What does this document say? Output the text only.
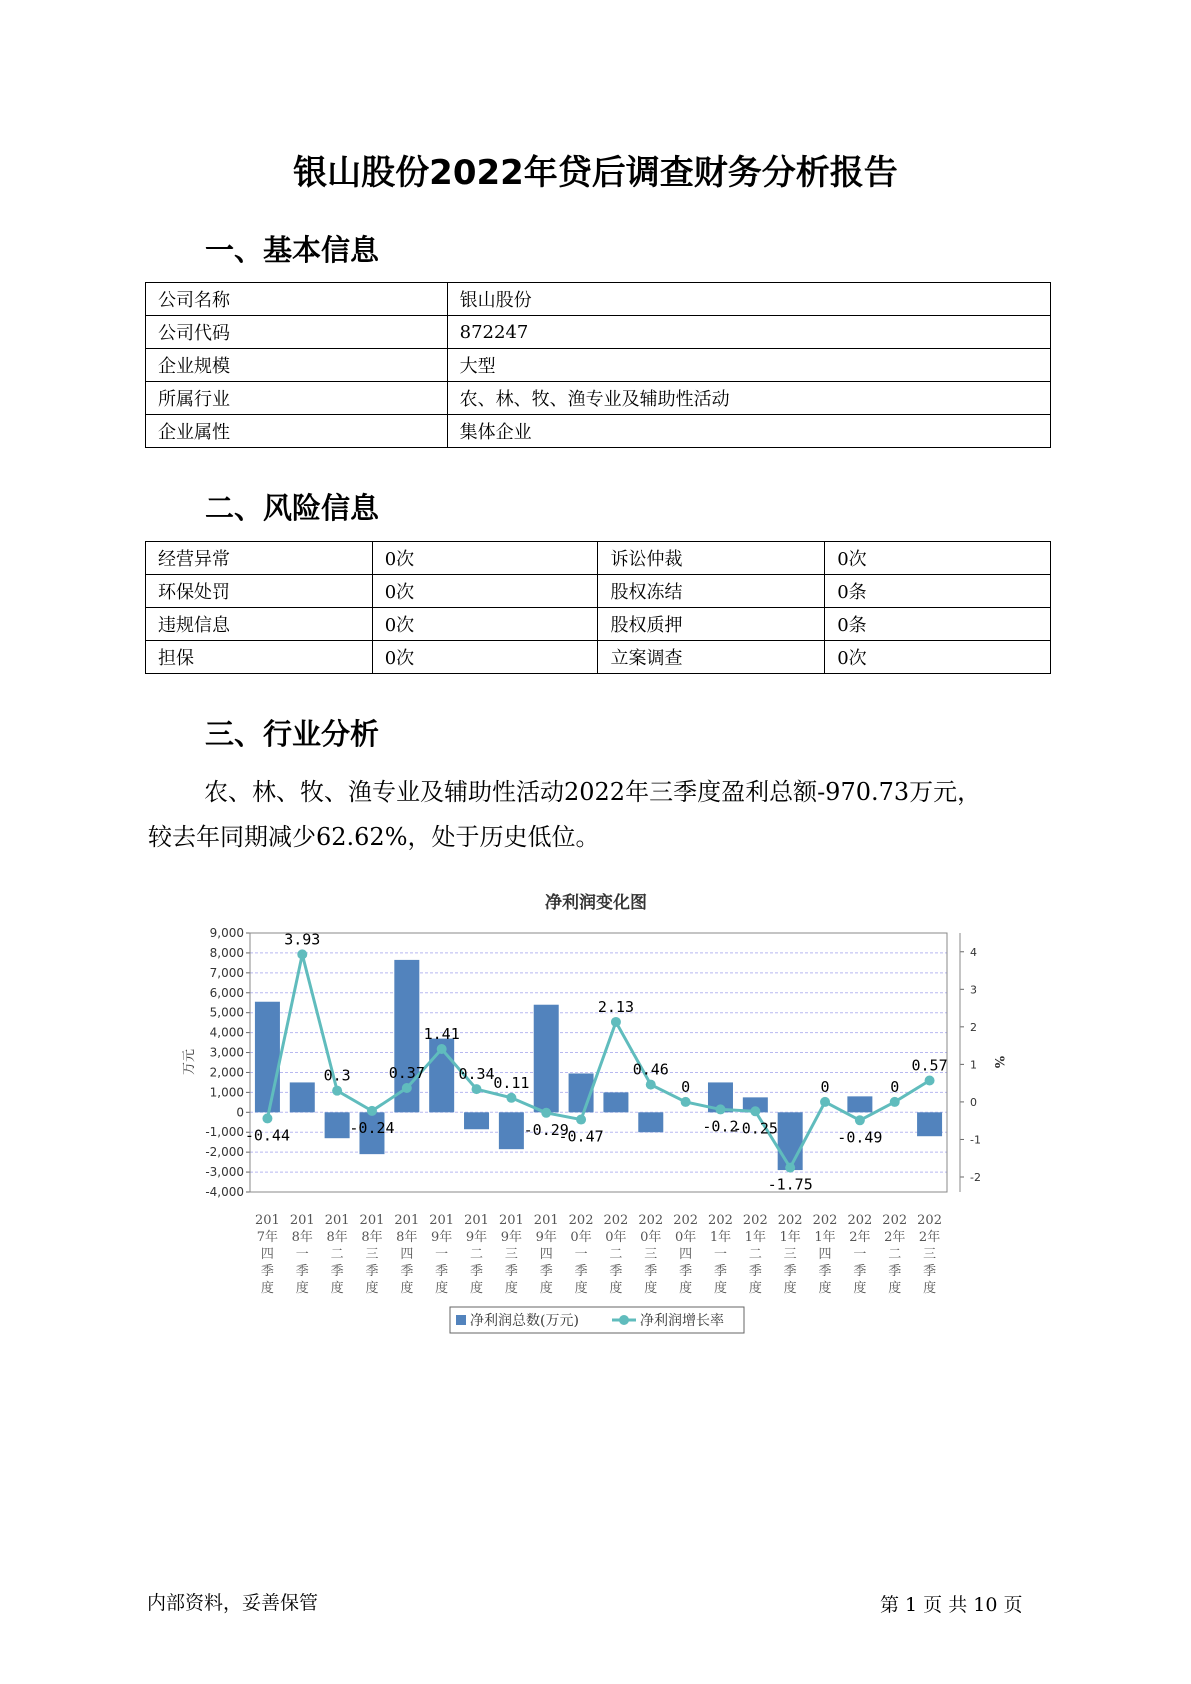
银山股份2022年贷后调查财务分析报告
一、基本信息
公司名称	银山股份
公司代码	872247
企业规模	大型
所属行业	农、林、牧、渔专业及辅助性活动
企业属性	集体企业
二、风险信息
经营异常	0次	诉讼仲裁	0次
环保处罚	0次	股权冻结	0条
违规信息	0次	股权质押	0条
担保	0次	立案调查	0次
三、行业分析
农、林、牧、渔专业及辅助性活动2022年三季度盈利总额-970.73万元，
较去年同期减少62.62%，处于历史低位。
净利润变化图
9,000
8,000
7,000
6,000
5,000
4,000
3,000
2,000
1,000
0
-1,000
-2,000
-3,000
-4,000
4
3
2
1
0
-1
-2
万元	%
-0.44
3.93
0.3
-0.24
0.37
1.41
0.34
0.11
-0.29
-0.47
2.13
0.46
0
-0.2
-0.25
-1.75
0
-0.49
0
0.57
201
7年
四
季
度
201
8年
一
季
度
201
8年
二
季
度
201
8年
三
季
度
201
8年
四
季
度
201
9年
一
季
度
201
9年
二
季
度
201
9年
三
季
度
201
9年
四
季
度
202
0年
一
季
度
202
0年
二
季
度
202
0年
三
季
度
202
0年
四
季
度
202
1年
一
季
度
202
1年
二
季
度
202
1年
三
季
度
202
1年
四
季
度
202
2年
一
季
度
202
2年
二
季
度
202
2年
三
季
度
净利润总数(万元)	净利润增长率
内部资料，妥善保管	第 1 页 共 10 页
